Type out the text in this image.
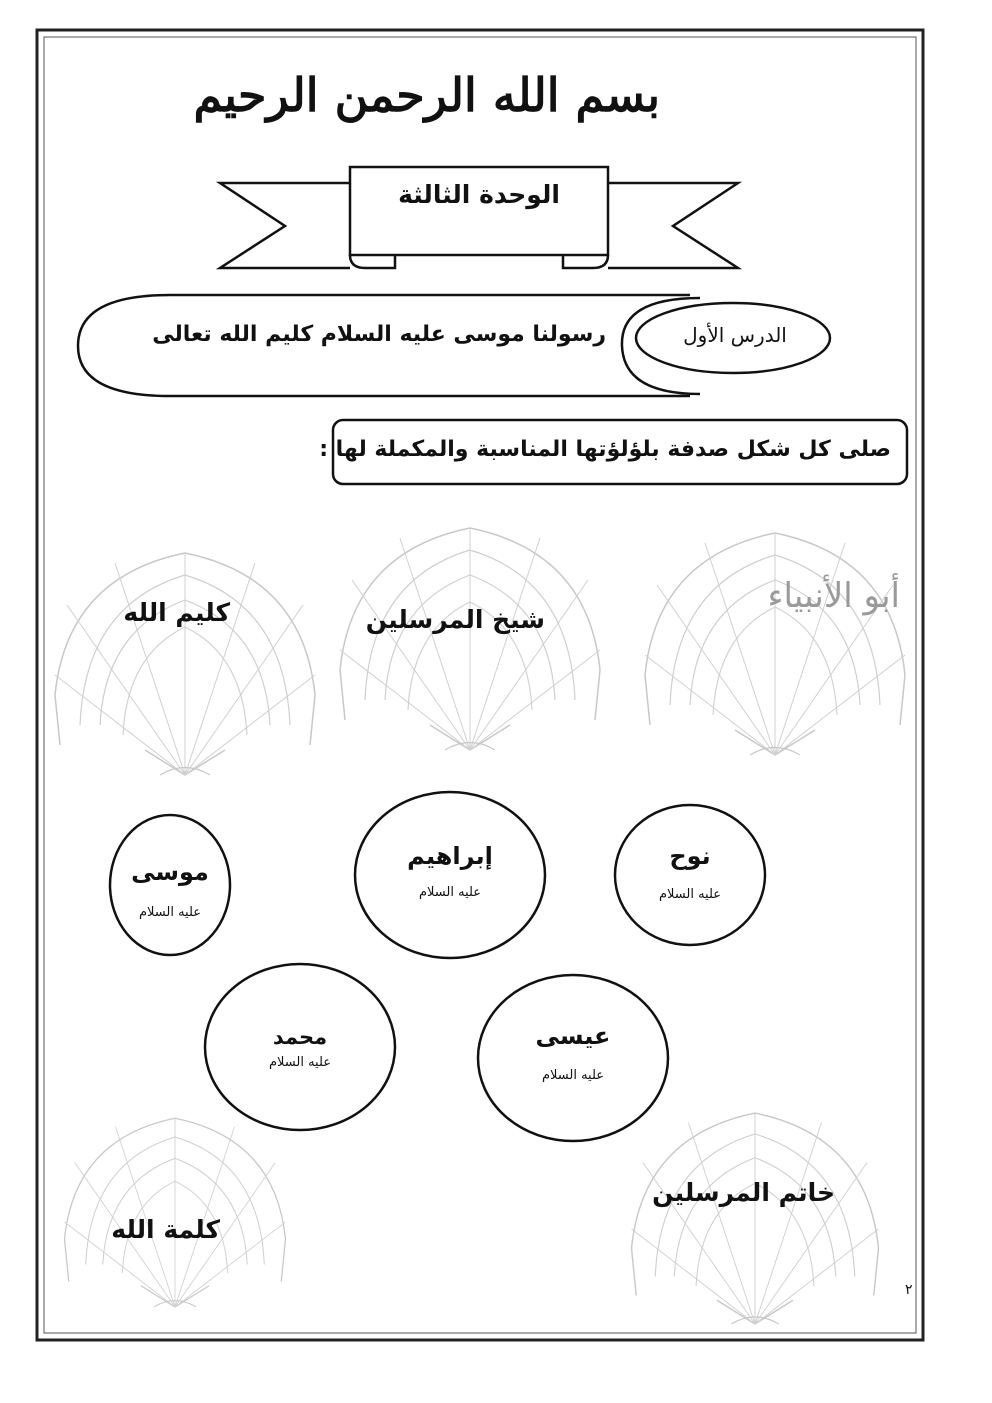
بسم الله الرحمن الرحيم
الوحدة الثالثة
الدرس الأول
رسولنا موسى عليه السلام كليم الله تعالى
صلى كل شكل صدفة بلؤلؤتها المناسبة والمكملة لها :
أبو الأنبياء
شيخ المرسلين
كليم الله
خاتم المرسلين
كلمة الله
نوح
عليه السلام
إبراهيم
عليه السلام
موسى
عليه السلام
عيسى
عليه السلام
محمد
عليه السلام
٢
